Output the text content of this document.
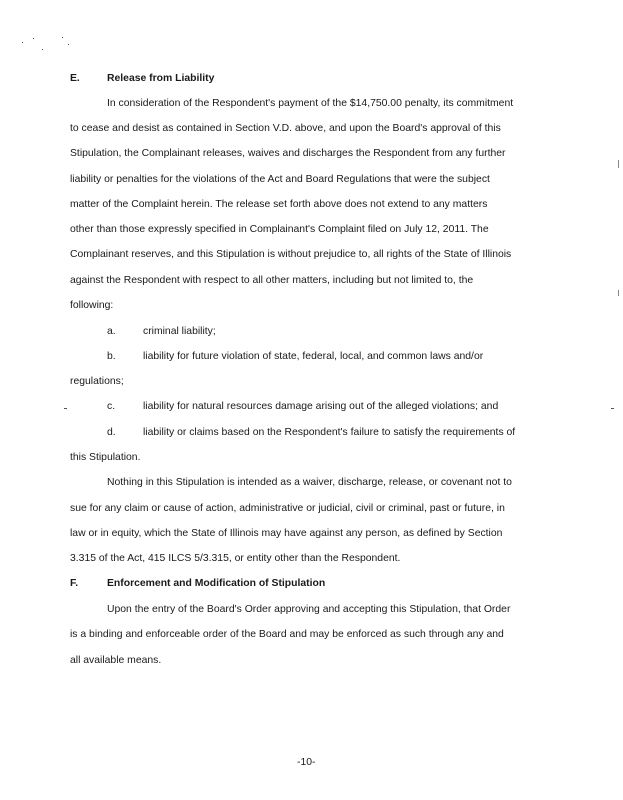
E.	Release from Liability
In consideration of the Respondent's payment of the $14,750.00 penalty, its commitment
to cease and desist as contained in Section V.D. above, and upon the Board's approval of this
Stipulation, the Complainant releases, waives and discharges the Respondent from any further
liability or penalties for the violations of the Act and Board Regulations that were the subject
matter of the Complaint herein. The release set forth above does not extend to any matters
other than those expressly specified in Complainant's Complaint filed on July 12, 2011. The
Complainant reserves, and this Stipulation is without prejudice to, all rights of the State of Illinois
against the Respondent with respect to all other matters, including but not limited to, the
following:
a.	criminal liability;
b.	liability for future violation of state, federal, local, and common laws and/or
regulations;
c.	liability for natural resources damage arising out of the alleged violations; and
d.	liability or claims based on the Respondent's failure to satisfy the requirements of
this Stipulation.
Nothing in this Stipulation is intended as a waiver, discharge, release, or covenant not to
sue for any claim or cause of action, administrative or judicial, civil or criminal, past or future, in
law or in equity, which the State of Illinois may have against any person, as defined by Section
3.315 of the Act, 415 ILCS 5/3.315, or entity other than the Respondent.
F.	Enforcement and Modification of Stipulation
Upon the entry of the Board's Order approving and accepting this Stipulation, that Order
is a binding and enforceable order of the Board and may be enforced as such through any and
all available means.
-10-
